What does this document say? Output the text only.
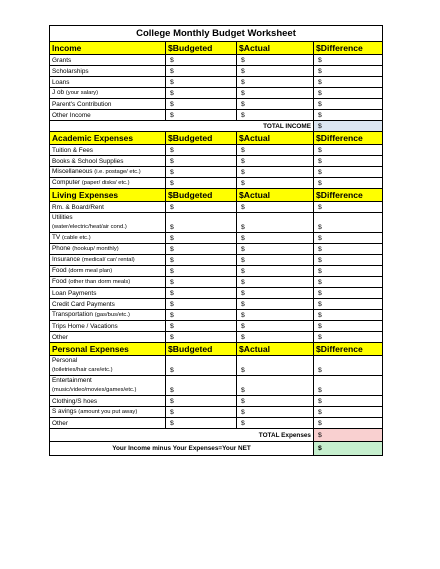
College Monthly Budget Worksheet			
Income	$Budgeted	$Actual	$Difference
Grants	$	$	$
Scholarships	$	$	$
Loans	$	$	$
J ob (your salary)	$	$	$
Parent's Contribution	$	$	$
Other Income	$	$	$
		TOTAL INCOME	$
Academic Expenses	$Budgeted	$Actual	$Difference
Tuition & Fees	$	$	$
Books & School Supplies	$	$	$
Miscellaneous (i.e. postage/ etc.)	$	$	$
Computer (paper/ disks/ etc.)	$	$	$
Living Expenses	$Budgeted	$Actual	$Difference
Rm. & Board/Rent	$	$	$
Utilities
(water/electric/heat/air cond.)	$	$	$
TV (cable etc.)	$	$	$
Phone (hookup/ monthly)	$	$	$
Insurance (medical/ car/ rental)	$	$	$
Food (dorm meal plan)	$	$	$
Food (other than dorm meals)	$	$	$
Loan Payments	$	$	$
Credit Card Payments	$	$	$
Transportation (gas/bus/etc.)	$	$	$
Trips Home / Vacations	$	$	$
Other	$	$	$
Personal Expenses	$Budgeted	$Actual	$Difference
Personal
(toiletries/hair care/etc.)	$	$	$
Entertainment
(music/video/movies/games/etc.)	$	$	$
Clothing/S hoes	$	$	$
S avings (amount you put away)	$	$	$
Other	$	$	$
TOTAL Expenses			$
Your Income minus Your Expenses=Your NET			$
